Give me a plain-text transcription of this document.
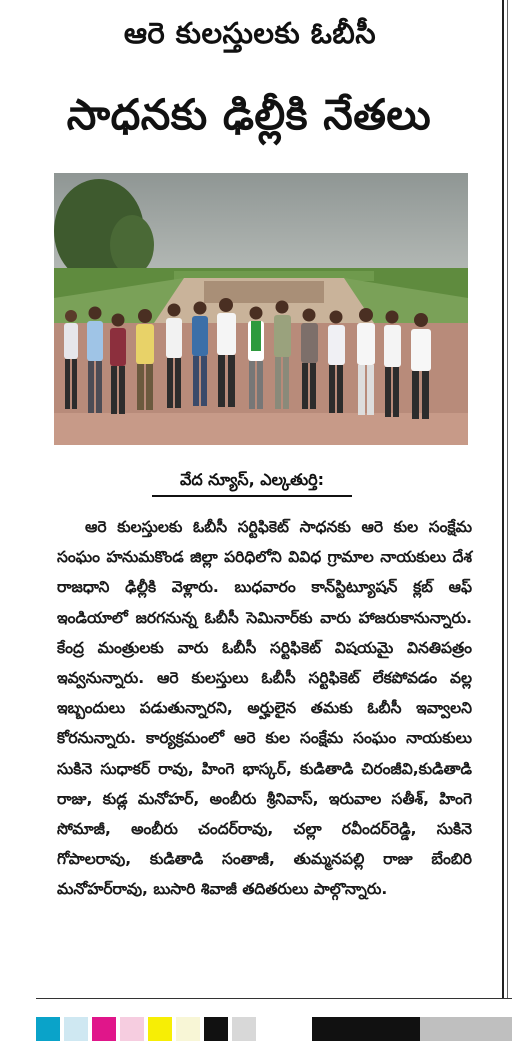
ఆరె కులస్తులకు ఓబీసీ
సాధనకు ఢిల్లీకి నేతలు
వేద న్యూస్, ఎల్కతుర్తి:
ఆరె కులస్తులకు ఓబీసీ సర్టిఫికెట్ సాధనకు ఆరె కుల సంక్షేమ సంఘం హనుమకొండ జిల్లా పరిధిలోని వివిధ గ్రామాల నాయకులు దేశ రాజధాని ఢిల్లీకి వెళ్లారు. బుధవారం కాన్‌స్టిట్యూషన్ క్లబ్ ఆఫ్ ఇండియాలో జరగనున్న ఓబీసీ సెమినార్‌కు వారు హాజరుకానున్నారు. కేంద్ర మంత్రులకు వారు ఓబీసీ సర్టిఫికెట్ విషయమై వినతిపత్రం ఇవ్వనున్నారు. ఆరె కులస్తులు ఓబీసీ సర్టిఫికెట్ లేకపోవడం వల్ల ఇబ్బందులు పడుతున్నారని, అర్హులైన తమకు ఓబీసీ ఇవ్వాలని కోరనున్నారు. కార్యక్రమంలో ఆరె కుల సంక్షేమ సంఘం నాయకులు సుకినె సుధాకర్ రావు, హింగె భాస్కర్, కుడితాడి చిరంజీవి,కుడితాడి రాజు, కుడ్ల మనోహర్, అంబీరు శ్రీనివాస్, ఇరువాల సతీశ్, హింగె సోమాజీ, అంబీరు చందర్‌రావు, చల్లా రవీందర్‌రెడ్డి, సుకినె గోపాలరావు, కుడితాడి సంతాజీ, తుమ్మనపల్లి రాజు బేంబిరి మనోహర్‌రావు, బుసారి శివాజీ తదితరులు పాల్గొన్నారు.
